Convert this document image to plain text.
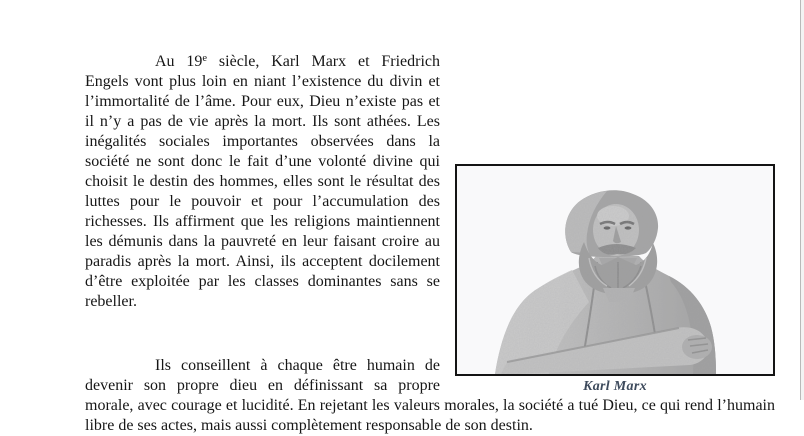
Karl Marx

Au 19e siècle, Karl Marx et Friedrich Engels vont plus loin en niant l’existence du divin et l’immortalité de l’âme. Pour eux, Dieu n’existe pas et il n’y a pas de vie après la mort. Ils sont athées. Les inégalités sociales importantes observées dans la société ne sont donc le fait d’une volonté divine qui choisit le destin des hommes, elles sont le résultat des luttes pour le pouvoir et pour l’accumulation des richesses. Ils affirment que les religions maintiennent les démunis dans la pauvreté en leur faisant croire au paradis après la mort. Ainsi, ils acceptent docilement d’être exploitée par les classes dominantes sans se rebeller.

Ils conseillent à chaque être humain de devenir son propre dieu en définissant sa propre morale, avec courage et lucidité. En rejetant les valeurs morales, la société a tué Dieu, ce qui rend l’humain libre de ses actes, mais aussi complètement responsable de son destin.
